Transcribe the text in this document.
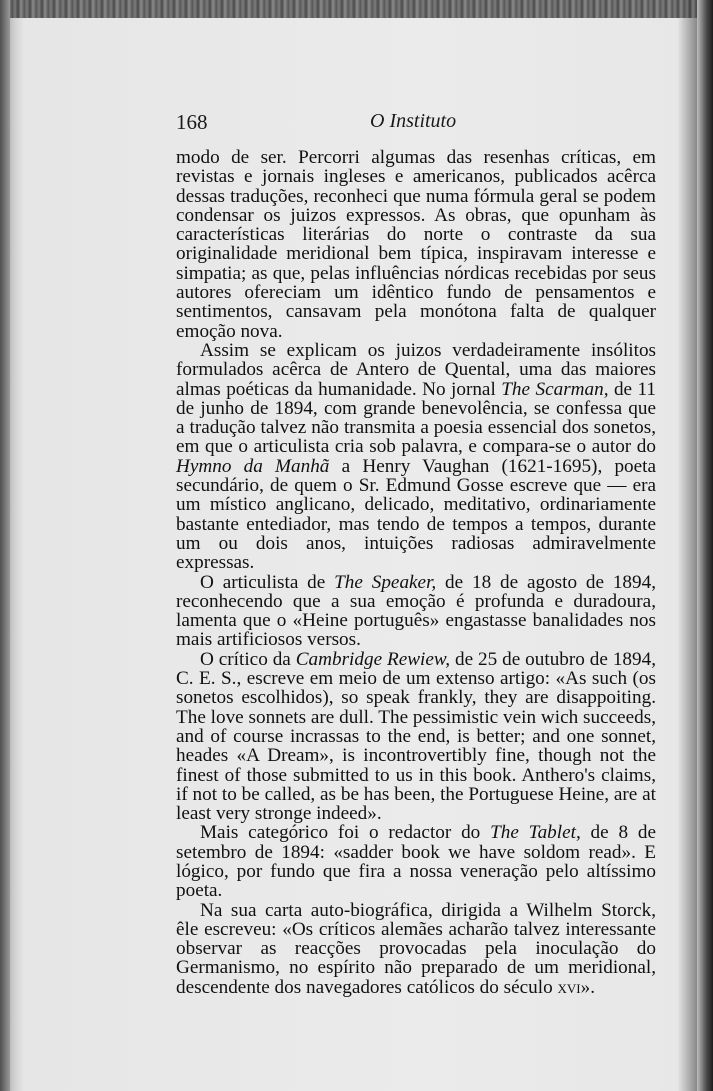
168	O Instituto

modo de ser. Percorri algumas das resenhas críticas, em revistas e jornais ingleses e americanos, publicados acêrca dessas traduções, reconheci que numa fórmula geral se podem condensar os juizos expressos. As obras, que opunham às características literárias do norte o contraste da sua originalidade meridional bem típica, inspiravam interesse e simpatia; as que, pelas influências nórdicas recebidas por seus autores ofereciam um idêntico fundo de pensamentos e sentimentos, cansavam pela monótona falta de qualquer emoção nova.

Assim se explicam os juizos verdadeiramente insólitos formulados acêrca de Antero de Quental, uma das maiores almas poéticas da humanidade. No jornal The Scarman, de 11 de junho de 1894, com grande benevolência, se confessa que a tradução talvez não transmita a poesia essencial dos sonetos, em que o articulista cria sob palavra, e compara-se o autor do Hymno da Manhã a Henry Vaughan (1621-1695), poeta secundário, de quem o Sr. Edmund Gosse escreve que — era um místico anglicano, delicado, meditativo, ordinariamente bastante entediador, mas tendo de tempos a tempos, durante um ou dois anos, intuições radiosas admiravelmente expressas.

O articulista de The Speaker, de 18 de agosto de 1894, reconhecendo que a sua emoção é profunda e duradoura, lamenta que o «Heine português» engastasse banalidades nos mais artificiosos versos.

O crítico da Cambridge Rewiew, de 25 de outubro de 1894, C. E. S., escreve em meio de um extenso artigo: «As such (os sonetos escolhidos), so speak frankly, they are disappoiting. The love sonnets are dull. The pessimistic vein wich succeeds, and of course incrassas to the end, is better; and one sonnet, heades «A Dream», is incontrovertibly fine, though not the finest of those submitted to us in this book. Anthero's claims, if not to be called, as be has been, the Portuguese Heine, are at least very stronge indeed».

Mais categórico foi o redactor do The Tablet, de 8 de setembro de 1894: «sadder book we have soldom read». E lógico, por fundo que fira a nossa veneração pelo altíssimo poeta.

Na sua carta auto-biográfica, dirigida a Wilhelm Storck, êle escreveu: «Os críticos alemães acharão talvez interessante observar as reacções provocadas pela inoculação do Germanismo, no espírito não preparado de um meridional, descendente dos navegadores católicos do século xvi».
